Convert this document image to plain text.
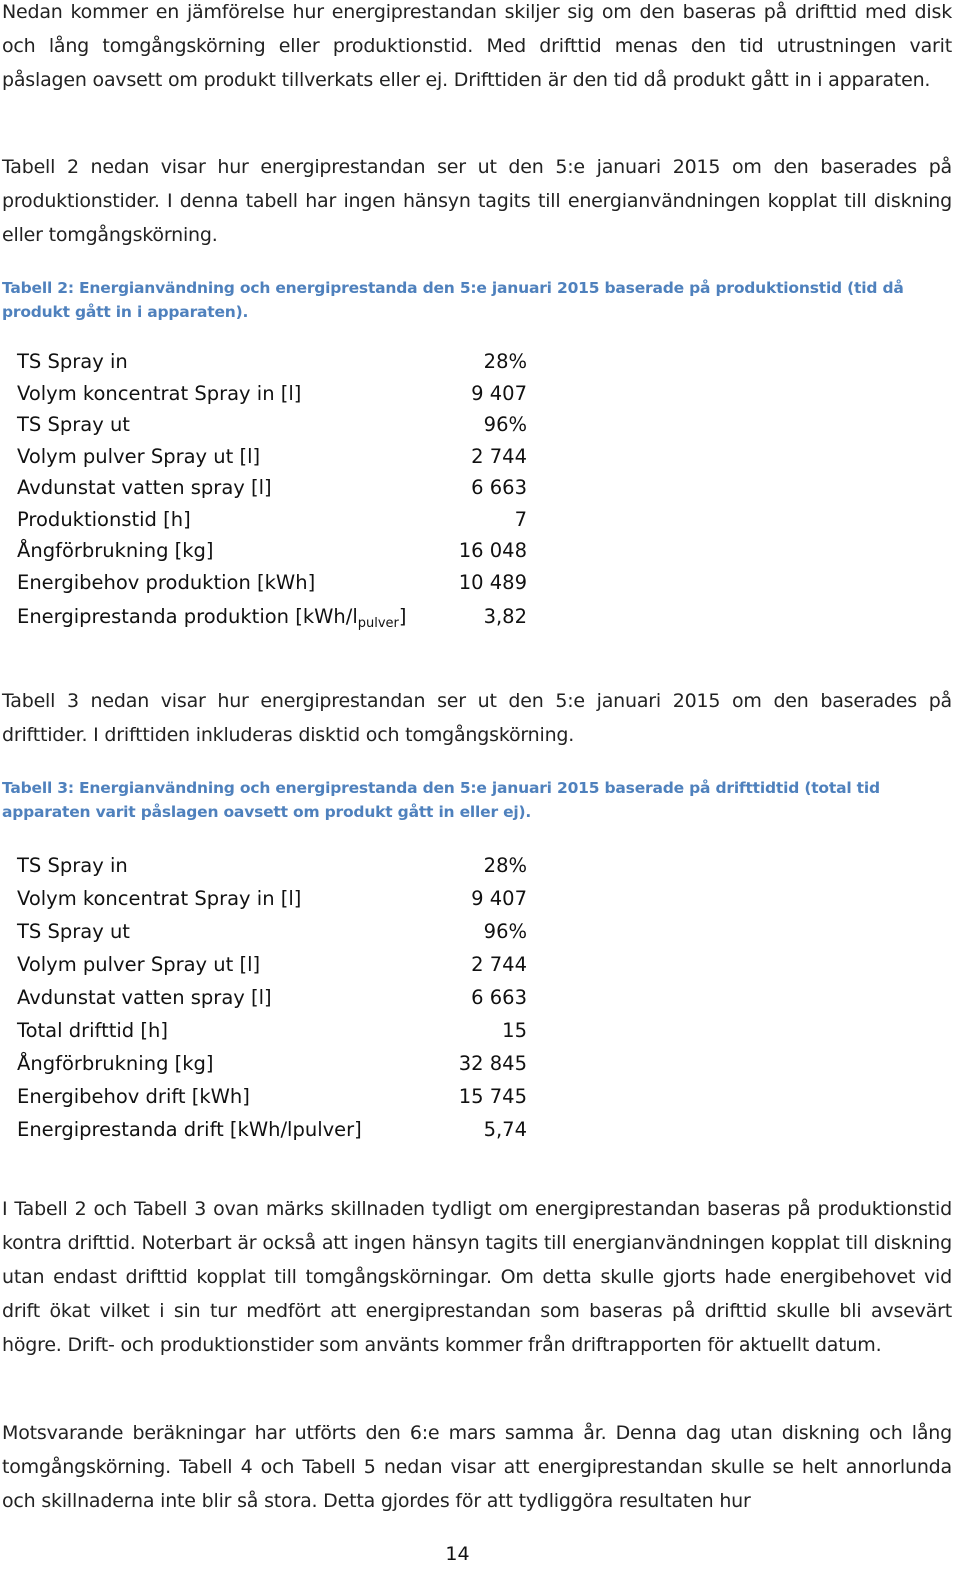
Nedan kommer en jämförelse hur energiprestandan skiljer sig om den baseras på drifttid med disk och lång tomgångskörning eller produktionstid. Med drifttid menas den tid utrustningen varit påslagen oavsett om produkt tillverkats eller ej. Drifttiden är den tid då produkt gått in i apparaten.

Tabell 2 nedan visar hur energiprestandan ser ut den 5:e januari 2015 om den baserades på produktionstider. I denna tabell har ingen hänsyn tagits till energianvändningen kopplat till diskning eller tomgångskörning.

Tabell 2: Energianvändning och energiprestanda den 5:e januari 2015 baserade på produktionstid (tid då produkt gått in i apparaten).

TS Spray in	28%
Volym koncentrat Spray in [l]	9 407
TS Spray ut	96%
Volym pulver Spray ut [l]	2 744
Avdunstat vatten spray [l]	6 663
Produktionstid [h]	7
Ångförbrukning [kg]	16 048
Energibehov produktion [kWh]	10 489
Energiprestanda produktion $[kWh/l_{pulver}]$	3,82

Tabell 3 nedan visar hur energiprestandan ser ut den 5:e januari 2015 om den baserades på drifttider. I drifttiden inkluderas disktid och tomgångskörning.

Tabell 3: Energianvändning och energiprestanda den 5:e januari 2015 baserade på drifttidtid (total tid apparaten varit påslagen oavsett om produkt gått in eller ej).

TS Spray in	28%
Volym koncentrat Spray in [l]	9 407
TS Spray ut	96%
Volym pulver Spray ut [l]	2 744
Avdunstat vatten spray [l]	6 663
Total drifttid [h]	15
Ångförbrukning [kg]	32 845
Energibehov drift [kWh]	15 745
Energiprestanda drift [kWh/lpulver]	5,74

I Tabell 2 och Tabell 3 ovan märks skillnaden tydligt om energiprestandan baseras på produktionstid kontra drifttid. Noterbart är också att ingen hänsyn tagits till energianvändningen kopplat till diskning utan endast drifttid kopplat till tomgångskörningar. Om detta skulle gjorts hade energibehovet vid drift ökat vilket i sin tur medfört att energiprestandan som baseras på drifttid skulle bli avsevärt högre. Drift- och produktionstider som använts kommer från driftrapporten för aktuellt datum.

Motsvarande beräkningar har utförts den 6:e mars samma år. Denna dag utan diskning och lång tomgångskörning. Tabell 4 och Tabell 5 nedan visar att energiprestandan skulle se helt annorlunda och skillnaderna inte blir så stora. Detta gjordes för att tydliggöra resultaten hur

14
